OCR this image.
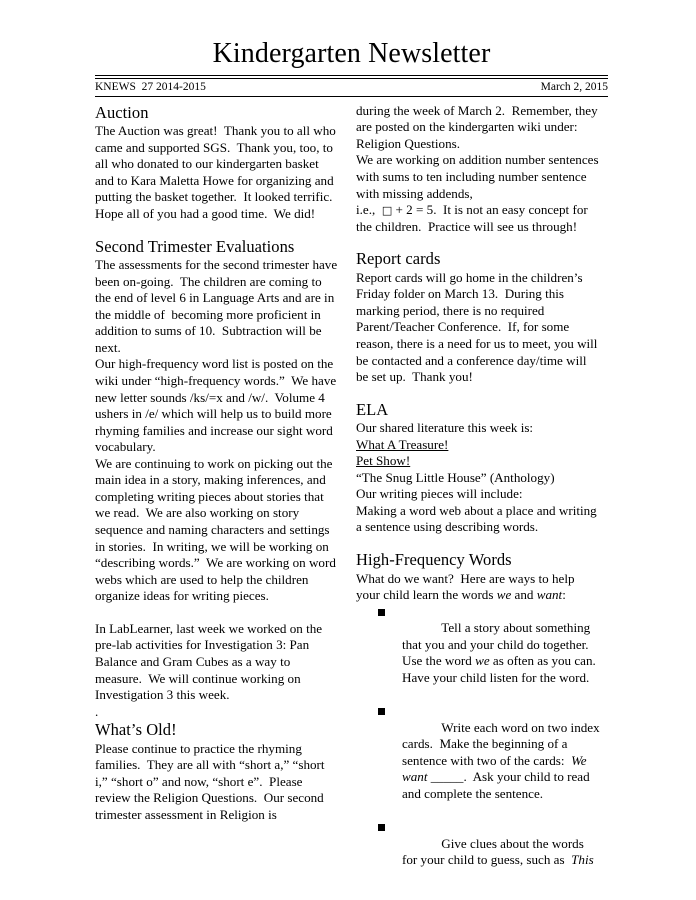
Kindergarten Newsletter
KNEWS  27 2014-2015	March 2, 2015
Auction

The Auction was great!  Thank you to all who came and supported SGS.  Thank you, too, to all who donated to our kindergarten basket and to Kara Maletta Howe for organizing and putting the basket together.  It looked terrific.  Hope all of you had a good time.  We did!

Second Trimester Evaluations

The assessments for the second trimester have been on-going.  The children are coming to the end of level 6 in Language Arts and are in the middle of  becoming more proficient in addition to sums of 10.  Subtraction will be next.

Our high-frequency word list is posted on the wiki under “high-frequency words.”  We have new letter sounds /ks/=x and /w/.  Volume 4 ushers in /e/ which will help us to build more rhyming families and increase our sight word vocabulary.

We are continuing to work on picking out the main idea in a story, making inferences, and completing writing pieces about stories that we read.  We are also working on story sequence and naming characters and settings in stories.  In writing, we will be working on “describing words.”  We are working on word webs which are used to help the children organize ideas for writing pieces.

In LabLearner, last week we worked on the pre-lab activities for Investigation 3: Pan Balance and Gram Cubes as a way to measure.  We will continue working on Investigation 3 this week.

.

What’s Old!

Please continue to practice the rhyming families.  They are all with “short a,” “short i,” “short o” and now, “short e”.  Please review the Religion Questions.  Our second trimester assessment in Religion is

during the week of March 2.  Remember, they are posted on the kindergarten wiki under:  Religion Questions.

We are working on addition number sentences with sums to ten including number sentence with missing addends,

i.e.,  □ + 2 = 5.  It is not an easy concept for the children.  Practice will see us through!

Report cards

Report cards will go home in the children’s Friday folder on March 13.  During this marking period, there is no required Parent/Teacher Conference.  If, for some reason, there is a need for us to meet, you will be contacted and a conference day/time will be set up.  Thank you!

ELA

Our shared literature this week is:

What A Treasure!

Pet Show!

“The Snug Little House” (Anthology)

Our writing pieces will include:

Making a word web about a place and writing a sentence using describing words.

High-Frequency Words

What do we want?  Here are ways to help your child learn the words we and want:

Tell a story about something that you and your child do together.  Use the word we as often as you can.  Have your child listen for the word.

Write each word on two index cards.  Make the beginning of a sentence with two of the cards:  We want _____.  Ask your child to read and complete the sentence.

Give clues about the words for your child to guess, such as  This
